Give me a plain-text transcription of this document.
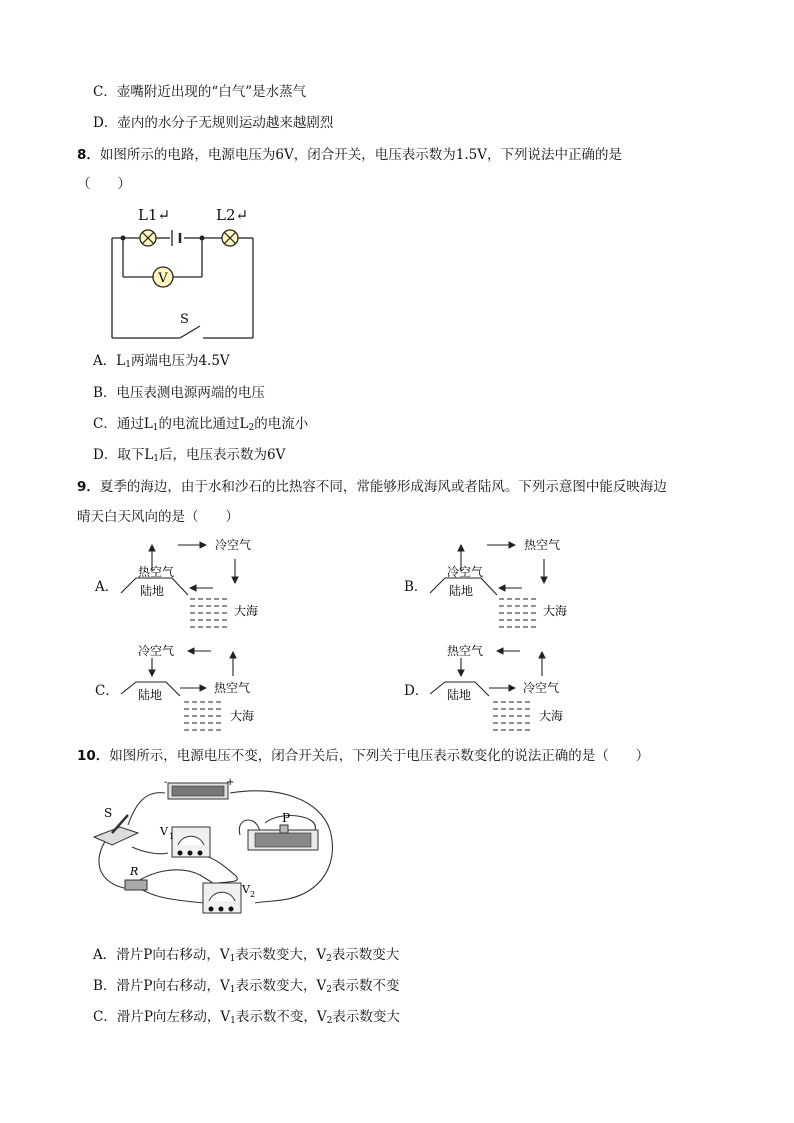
C．壶嘴附近出现的“白气”是水蒸气
D．壶内的水分子无规则运动越来越剧烈
8．如图所示的电路，电源电压为6V，闭合开关，电压表示数为1.5V，下列说法中正确的是
（　　）
V
L1↵	L2↵
S
A．$L_1$两端电压为4.5V
B．电压表测电源两端的电压
C．通过$L_1$的电流比通过$L_2$的电流小
D．取下$L_1$后，电压表示数为6V
9．夏季的海边，由于水和沙石的比热容不同，常能够形成海风或者陆风。下列示意图中能反映海边
晴天白天风向的是（　　）
A．
冷空气
热空气
陆地
大海
B．
热空气
冷空气
陆地
大海
C．
冷空气
热空气
陆地
大海
D．
热空气
冷空气
陆地
大海
10．如图所示，电源电压不变，闭合开关后，下列关于电压表示数变化的说法正确的是（　　）
-	+
S
V 1
P
R
V 2
A．滑片P向右移动，$V_1$表示数变大，$V_2$表示数变大
B．滑片P向右移动，$V_1$表示数变大，$V_2$表示数不变
C．滑片P向左移动，$V_1$表示数不变，$V_2$表示数变大
